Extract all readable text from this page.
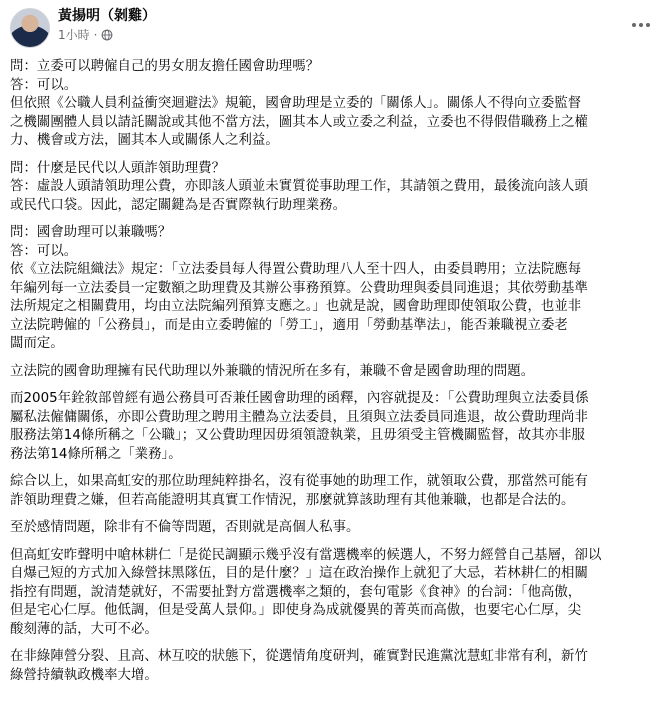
黃揚明（剝雞）
1小時 ·

問：立委可以聘僱自己的男女朋友擔任國會助理嗎？
答：可以。
但依照《公職人員利益衝突迴避法》規範，國會助理是立委的「關係人」。關係人不得向立委監督
之機關團體人員以請託關說或其他不當方法，圖其本人或立委之利益，立委也不得假借職務上之權
力、機會或方法，圖其本人或關係人之利益。

問：什麼是民代以人頭詐領助理費？
答：虛設人頭請領助理公費，亦即該人頭並未實質從事助理工作，其請領之費用，最後流向該人頭
或民代口袋。因此，認定關鍵為是否實際執行助理業務。

問：國會助理可以兼職嗎？
答：可以。
依《立法院組織法》規定：「立法委員每人得置公費助理八人至十四人，由委員聘用；立法院應每
年編列每一立法委員一定數額之助理費及其辦公事務預算。公費助理與委員同進退；其依勞動基準
法所規定之相關費用，均由立法院編列預算支應之。」也就是說，國會助理即使領取公費，也並非
立法院聘僱的「公務員」，而是由立委聘僱的「勞工」，適用「勞動基準法」，能否兼職視立委老
闆而定。

立法院的國會助理擁有民代助理以外兼職的情況所在多有，兼職不會是國會助理的問題。

而2005年銓敘部曾經有過公務員可否兼任國會助理的函釋，內容就提及：「公費助理與立法委員係
屬私法僱傭關係，亦即公費助理之聘用主體為立法委員，且須與立法委員同進退，故公費助理尚非
服務法第14條所稱之「公職」；又公費助理因毋須領證執業，且毋須受主管機關監督，故其亦非服
務法第14條所稱之「業務」。

綜合以上，如果高虹安的那位助理純粹掛名，沒有從事她的助理工作，就領取公費，那當然可能有
詐領助理費之嫌，但若高能證明其真實工作情況，那麼就算該助理有其他兼職，也都是合法的。

至於感情問題，除非有不倫等問題，否則就是高個人私事。

但高虹安昨聲明中嗆林耕仁「是從民調顯示幾乎沒有當選機率的候選人，不努力經營自己基層，卻以
自爆己短的方式加入綠營抹黑隊伍，目的是什麼？」這在政治操作上就犯了大忌，若林耕仁的相關
指控有問題，說清楚就好，不需要扯對方當選機率之類的，套句電影《食神》的台詞：「他高傲，
但是宅心仁厚。他低調，但是受萬人景仰。」即使身為成就優異的菁英而高傲，也要宅心仁厚，尖
酸刻薄的話，大可不必。

在非綠陣營分裂、且高、林互咬的狀態下，從選情角度研判，確實對民進黨沈慧虹非常有利，新竹
綠營持續執政機率大增。
